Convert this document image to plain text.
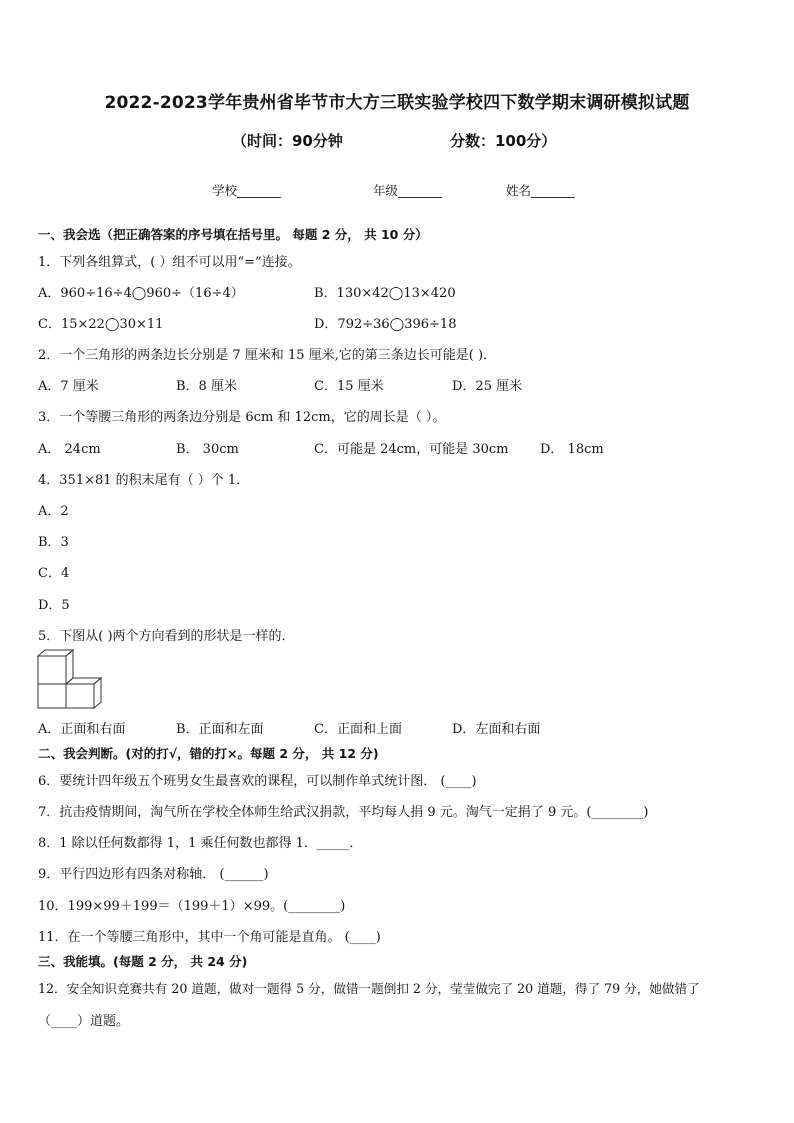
2022-2023学年贵州省毕节市大方三联实验学校四下数学期末调研模拟试题
（时间：90分钟	分数：100分）
学校_______	年级_______	姓名_______
一、我会选（把正确答案的序号填在括号里。 每题 2 分， 共 10 分）
1．下列各组算式，( ）组不可以用“=”连接。
A．960÷16÷4◯960÷（16÷4）	B．130×42◯13×420
C．15×22◯30×11	D．792÷36◯396÷18
2．一个三角形的两条边长分别是 7 厘米和 15 厘米,它的第三条边长可能是( )．
A．7 厘米	B．8 厘米	C．15 厘米	D．25 厘米
3．一个等腰三角形的两条边分别是 6cm 和 12cm，它的周长是（ ）。
A． 24cm	B． 30cm	C．可能是 24cm，可能是 30cm D． 18cm
4．351×81 的积末尾有（ ）个 1．
A．2
B．3
C．4
D．5
5．下图从( )两个方向看到的形状是一样的．
A．正面和右面	B．正面和左面	C．正面和上面	D．左面和右面
二、我会判断。(对的打√，错的打×。每题 2 分， 共 12 分)
6．要统计四年级五个班男女生最喜欢的课程，可以制作单式统计图． (____)
7．抗击疫情期间，淘气所在学校全体师生给武汉捐款，平均每人捐 9 元。淘气一定捐了 9 元。(________)
8．1 除以任何数都得 1，1 乘任何数也都得 1．_____．
9．平行四边形有四条对称轴． (______)
10．199×99＋199＝（199＋1）×99。(________)
11．在一个等腰三角形中，其中一个角可能是直角。 (____)
三、我能填。(每题 2 分， 共 24 分)
12．安全知识竞赛共有 20 道题，做对一题得 5 分，做错一题倒扣 2 分，莹莹做完了 20 道题，得了 79 分，她做错了
（____）道题。
